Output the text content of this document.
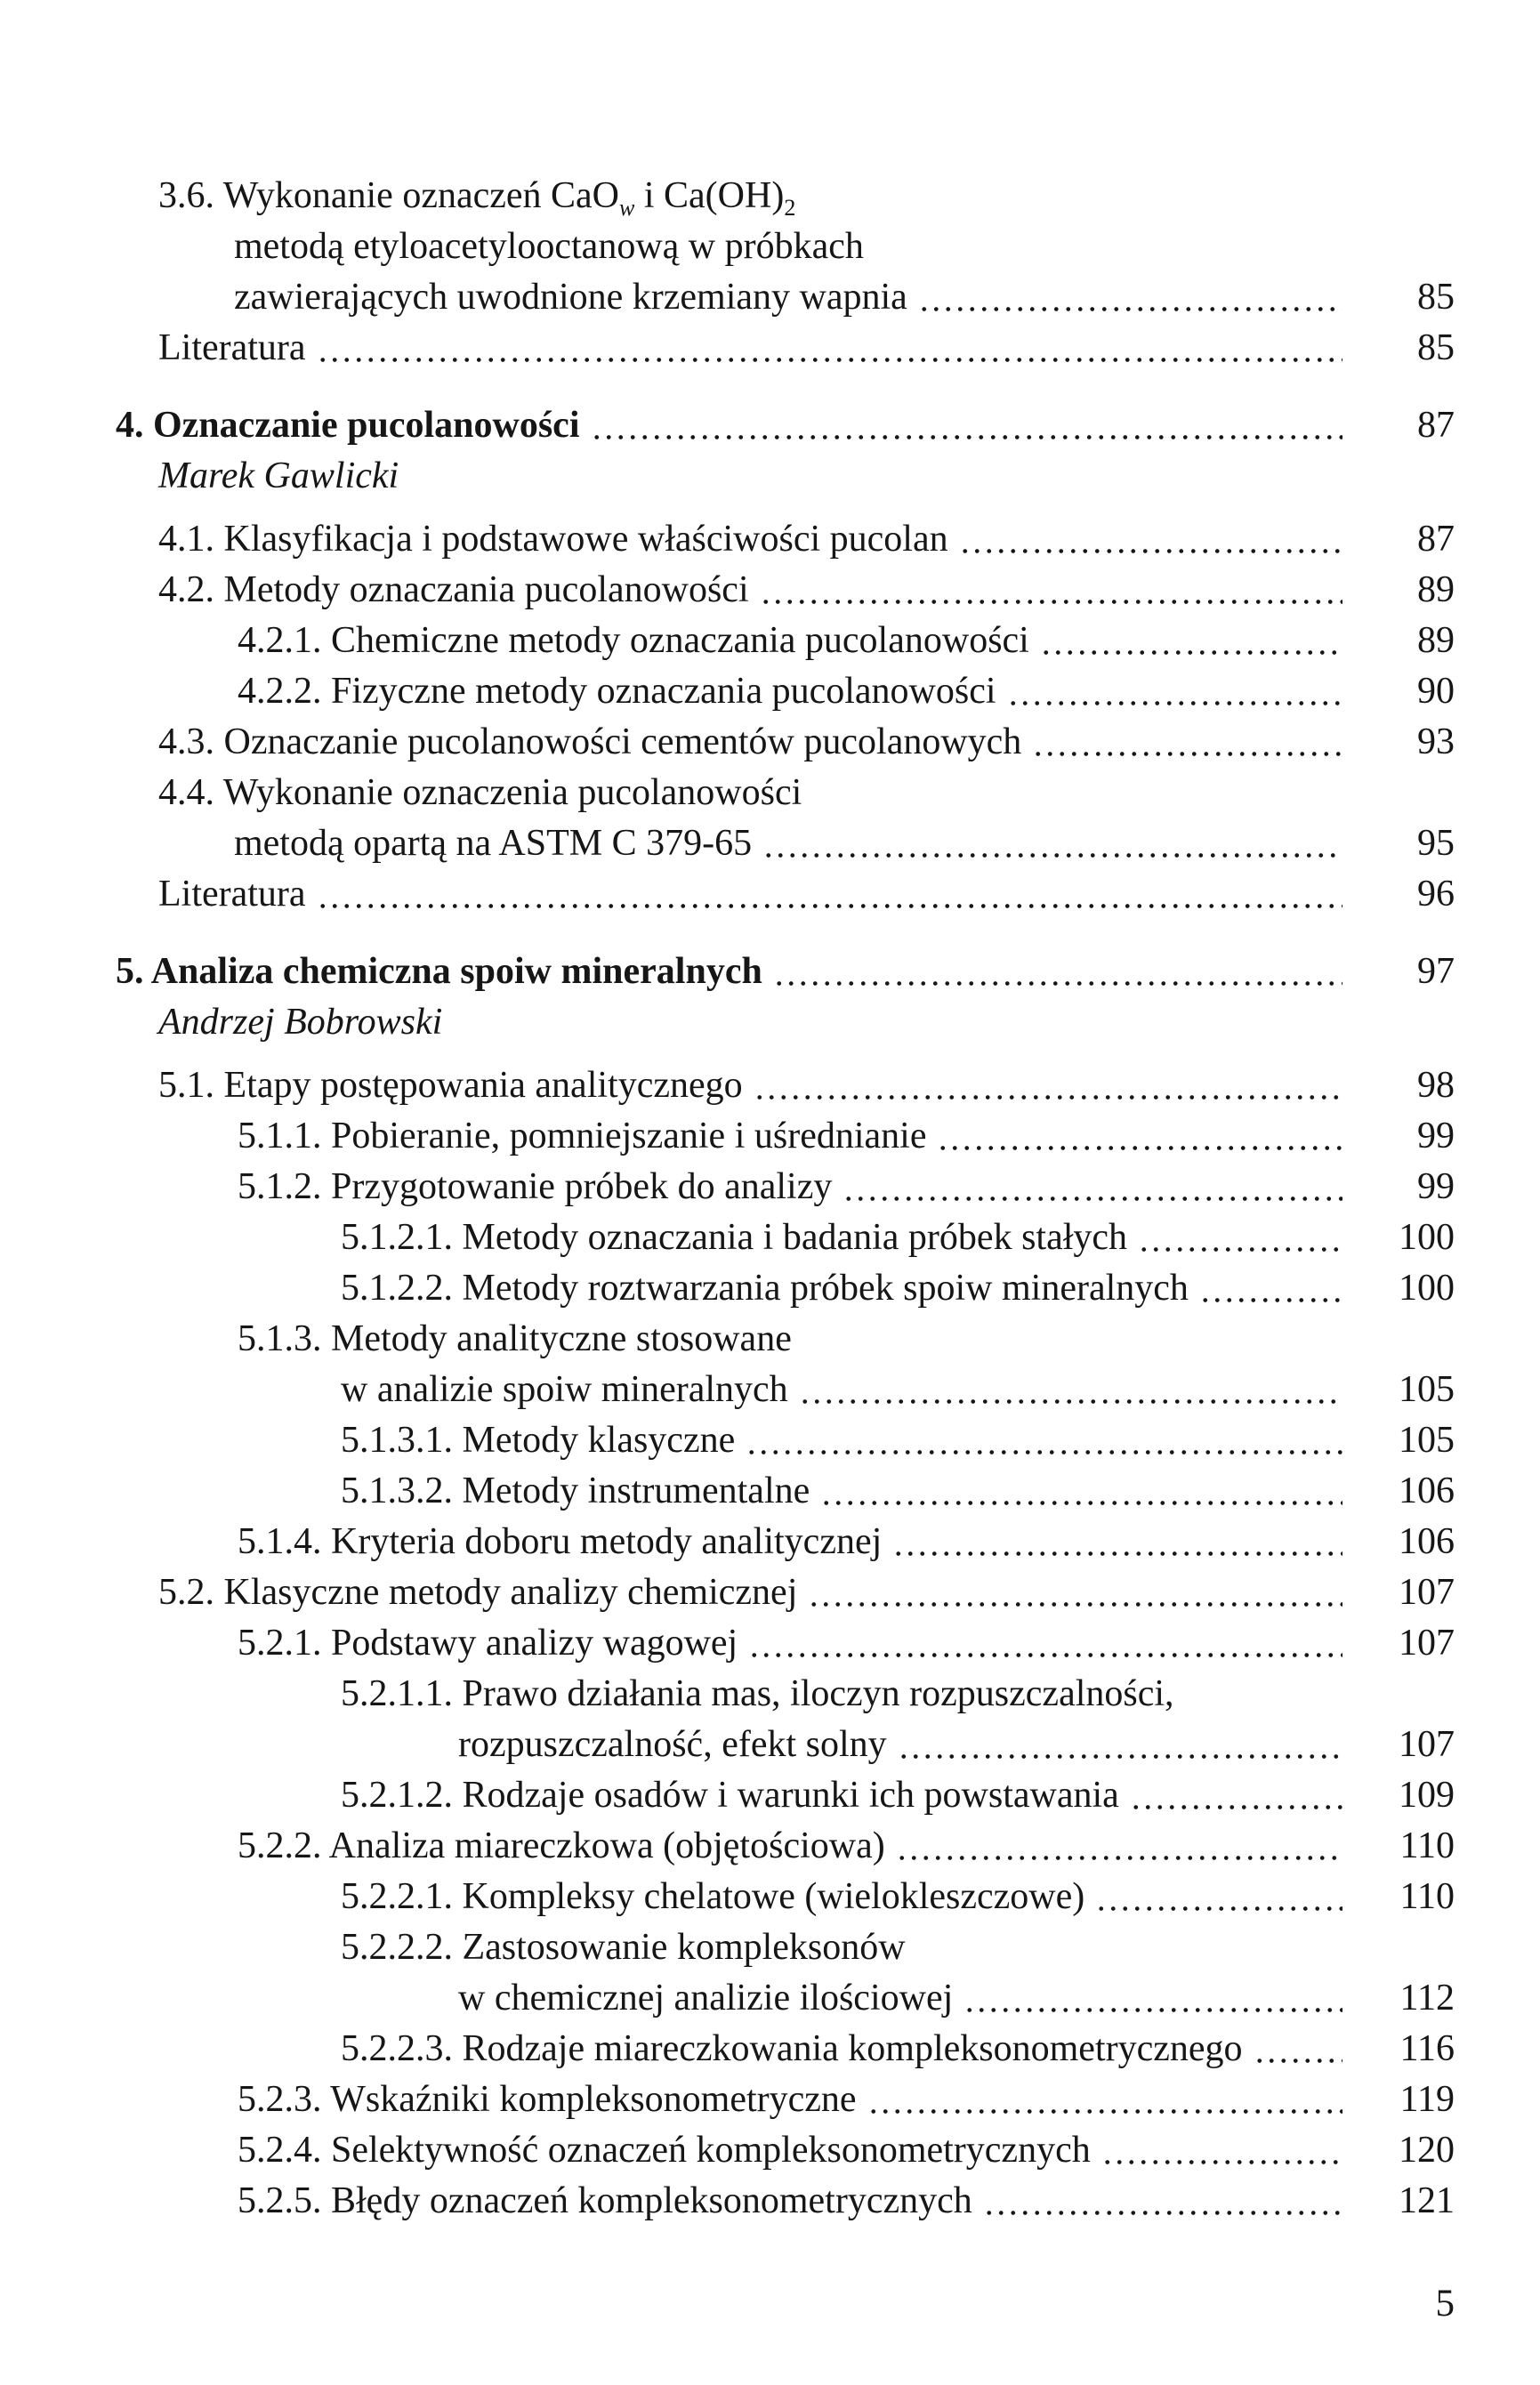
3.6. Wykonanie oznaczeń CaO$_w$ i $Ca(OH)_2$
metodą etyloacetylooctanową w próbkach
zawierających uwodnione krzemiany wapnia	85
Literatura	85
4. Oznaczanie pucolanowości	87
Marek Gawlicki
4.1. Klasyfikacja i podstawowe właściwości pucolan	87
4.2. Metody oznaczania pucolanowości	89
4.2.1. Chemiczne metody oznaczania pucolanowości	89
4.2.2. Fizyczne metody oznaczania pucolanowości	90
4.3. Oznaczanie pucolanowości cementów pucolanowych	93
4.4. Wykonanie oznaczenia pucolanowości
metodą opartą na ASTM C 379-65	95
Literatura	96
5. Analiza chemiczna spoiw mineralnych	97
Andrzej Bobrowski
5.1. Etapy postępowania analitycznego	98
5.1.1. Pobieranie, pomniejszanie i uśrednianie	99
5.1.2. Przygotowanie próbek do analizy	99
5.1.2.1. Metody oznaczania i badania próbek stałych	100
5.1.2.2. Metody roztwarzania próbek spoiw mineralnych	100
5.1.3. Metody analityczne stosowane
w analizie spoiw mineralnych	105
5.1.3.1. Metody klasyczne	105
5.1.3.2. Metody instrumentalne	106
5.1.4. Kryteria doboru metody analitycznej	106
5.2. Klasyczne metody analizy chemicznej	107
5.2.1. Podstawy analizy wagowej	107
5.2.1.1. Prawo działania mas, iloczyn rozpuszczalności,
rozpuszczalność, efekt solny	107
5.2.1.2. Rodzaje osadów i warunki ich powstawania	109
5.2.2. Analiza miareczkowa (objętościowa)	110
5.2.2.1. Kompleksy chelatowe (wielokleszczowe)	110
5.2.2.2. Zastosowanie kompleksonów
w chemicznej analizie ilościowej	112
5.2.2.3. Rodzaje miareczkowania kompleksonometrycznego	116
5.2.3. Wskaźniki kompleksonometryczne	119
5.2.4. Selektywność oznaczeń kompleksonometrycznych	120
5.2.5. Błędy oznaczeń kompleksonometrycznych	121
5
